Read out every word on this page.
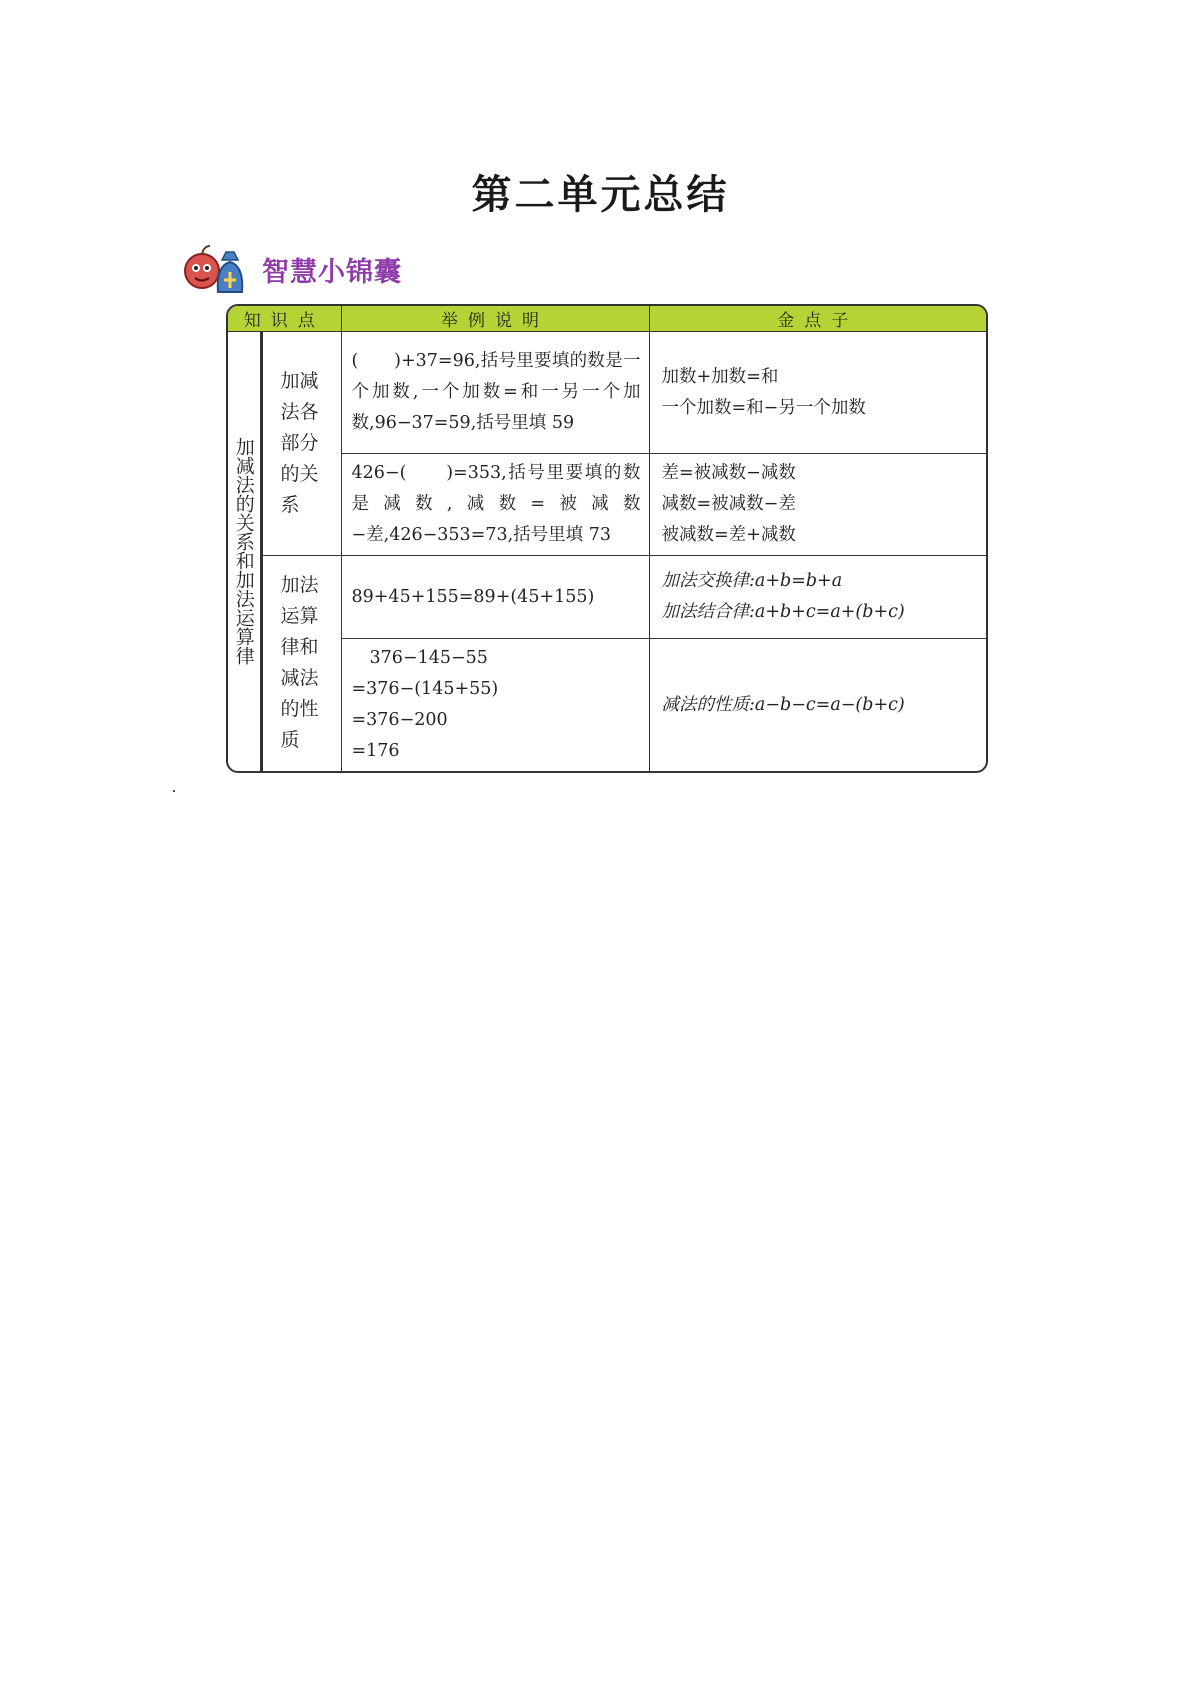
第二单元总结
智慧小锦囊
知识点		举例说明	金点子

加减法的关系和加法运算律	加减法各部分的关系	(　　)+37=96,括号里要填的数是一个加数,一个加数=和一另一个加数,96−37=59,括号里填 59	加数+加数=和
一个加数=和−另一个加数

		426−(　　)=353,括号里要填的数是减数,减数=被减数−差,426−353=73,括号里填 73	差=被减数−减数
减数=被减数−差
被减数=差+减数

	加法运算律和减法的性质	89+45+155=89+(45+155)	加法交换律:a+b=b+a
加法结合律:a+b+c=a+(b+c)

		376−145−55
=376−(145+55)
=376−200
=176	减法的性质:a−b−c=a−(b+c)
